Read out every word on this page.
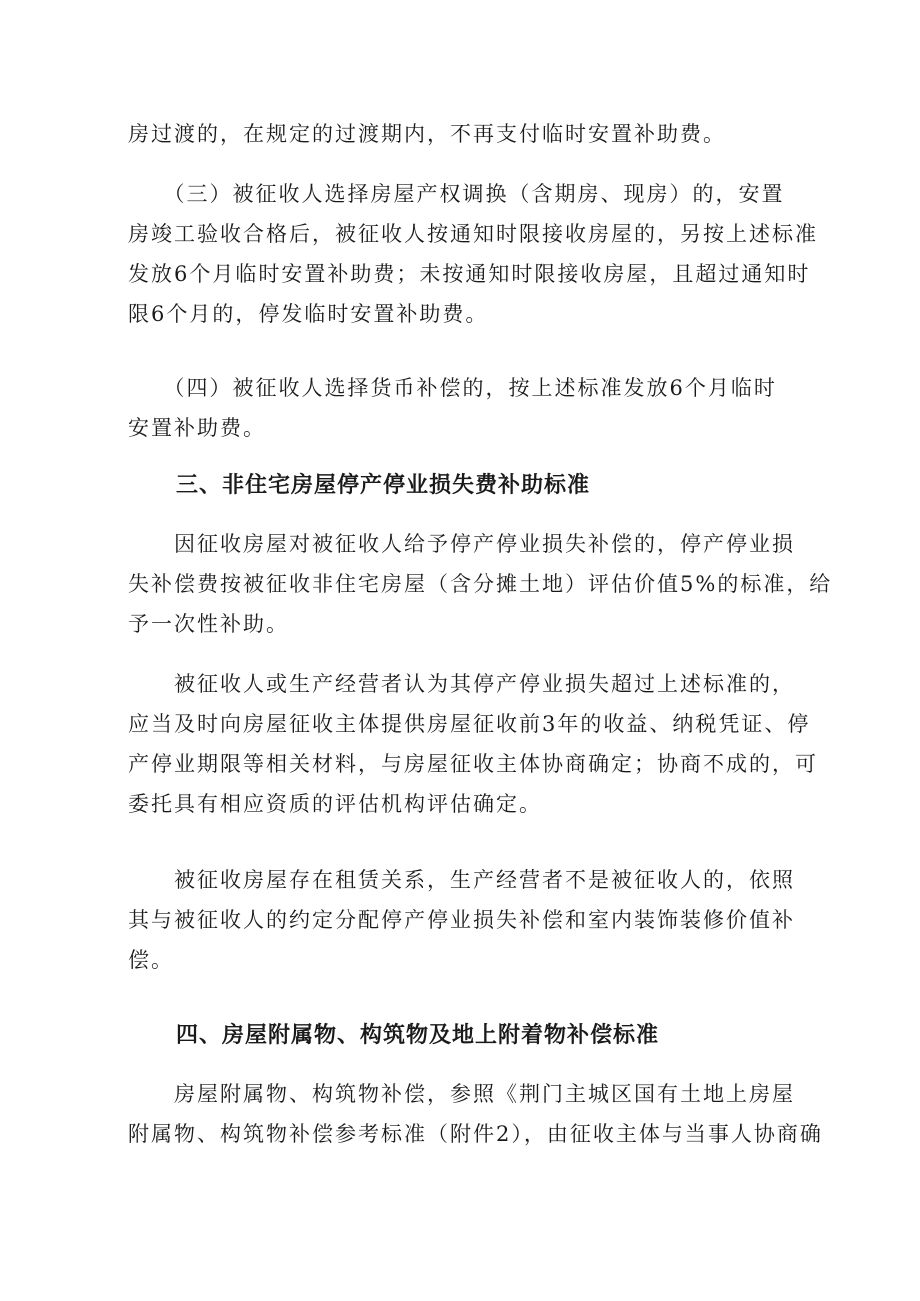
房过渡的，在规定的过渡期内，不再支付临时安置补助费。

　　（三）被征收人选择房屋产权调换（含期房、现房）的，安置
房竣工验收合格后，被征收人按通知时限接收房屋的，另按上述标准
发放6个月临时安置补助费；未按通知时限接收房屋，且超过通知时
限6个月的，停发临时安置补助费。

　　（四）被征收人选择货币补偿的，按上述标准发放6个月临时
安置补助费。

三、非住宅房屋停产停业损失费补助标准

　　因征收房屋对被征收人给予停产停业损失补偿的，停产停业损
失补偿费按被征收非住宅房屋（含分摊土地）评估价值5%的标准，给
予一次性补助。

　　被征收人或生产经营者认为其停产停业损失超过上述标准的，
应当及时向房屋征收主体提供房屋征收前3年的收益、纳税凭证、停
产停业期限等相关材料，与房屋征收主体协商确定；协商不成的，可
委托具有相应资质的评估机构评估确定。

　　被征收房屋存在租赁关系，生产经营者不是被征收人的，依照
其与被征收人的约定分配停产停业损失补偿和室内装饰装修价值补
偿。

四、房屋附属物、构筑物及地上附着物补偿标准

　　房屋附属物、构筑物补偿，参照《荆门主城区国有土地上房屋
附属物、构筑物补偿参考标准（附件2），由征收主体与当事人协商确
